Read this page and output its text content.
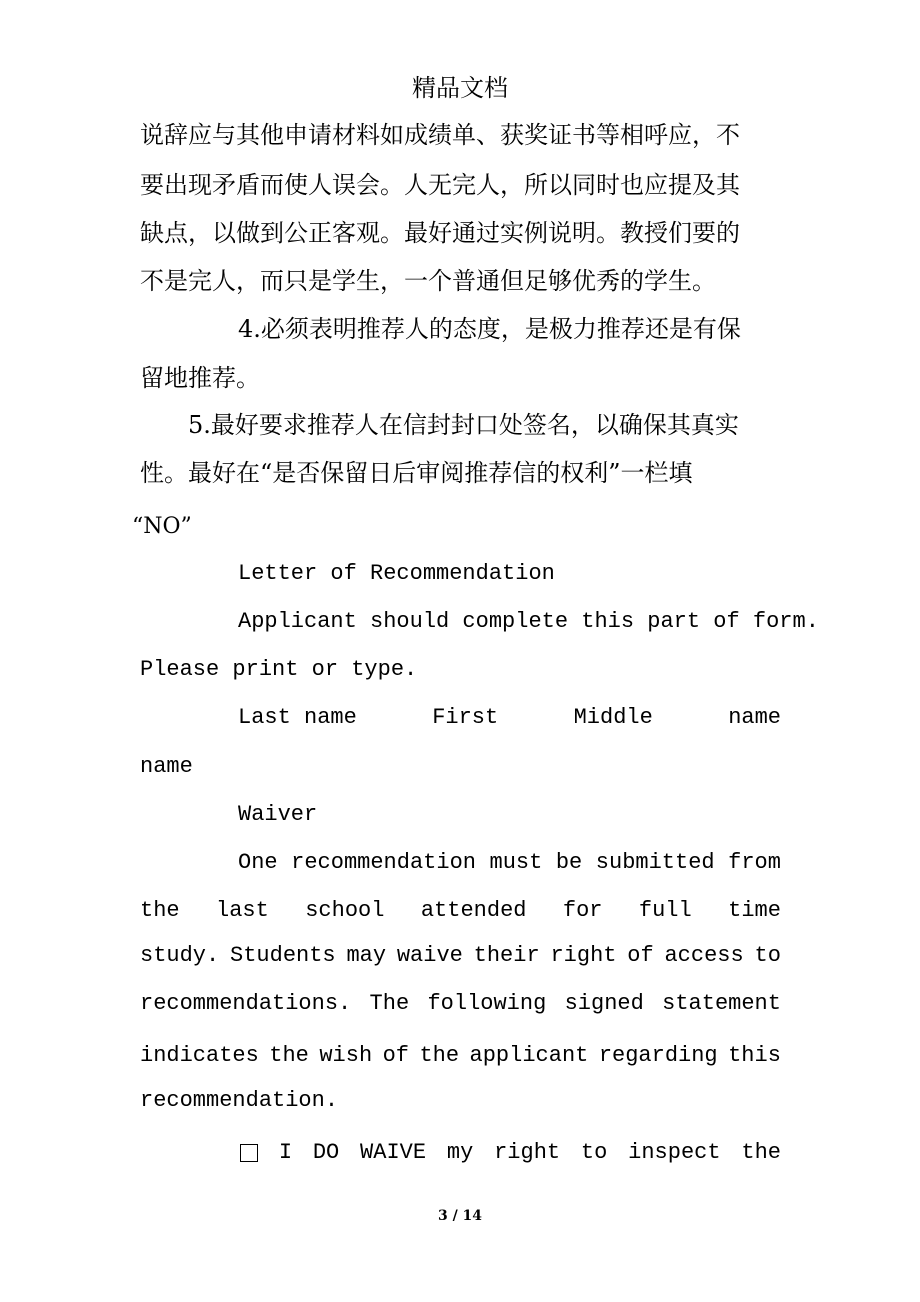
精品文档
说辞应与其他申请材料如成绩单、获奖证书等相呼应，不
要出现矛盾而使人误会。人无完人，所以同时也应提及其
缺点，以做到公正客观。最好通过实例说明。教授们要的
不是完人，而只是学生，一个普通但足够优秀的学生。
4.必须表明推荐人的态度，是极力推荐还是有保
留地推荐。
5.最好要求推荐人在信封封口处签名，以确保其真实
性。最好在“是否保留日后审阅推荐信的权利”一栏填
“NO”
Letter of Recommendation
Applicant should complete this part of form.
Please print or type.
Last name	First	Middle	name
name
Waiver
One recommendation must be submitted from
the last school attended for full time
study. Students may waive their right of access to
recommendations. The following signed statement
indicates the wish of the applicant regarding this
recommendation.
I DO WAIVE my right to inspect the
3 / 14
